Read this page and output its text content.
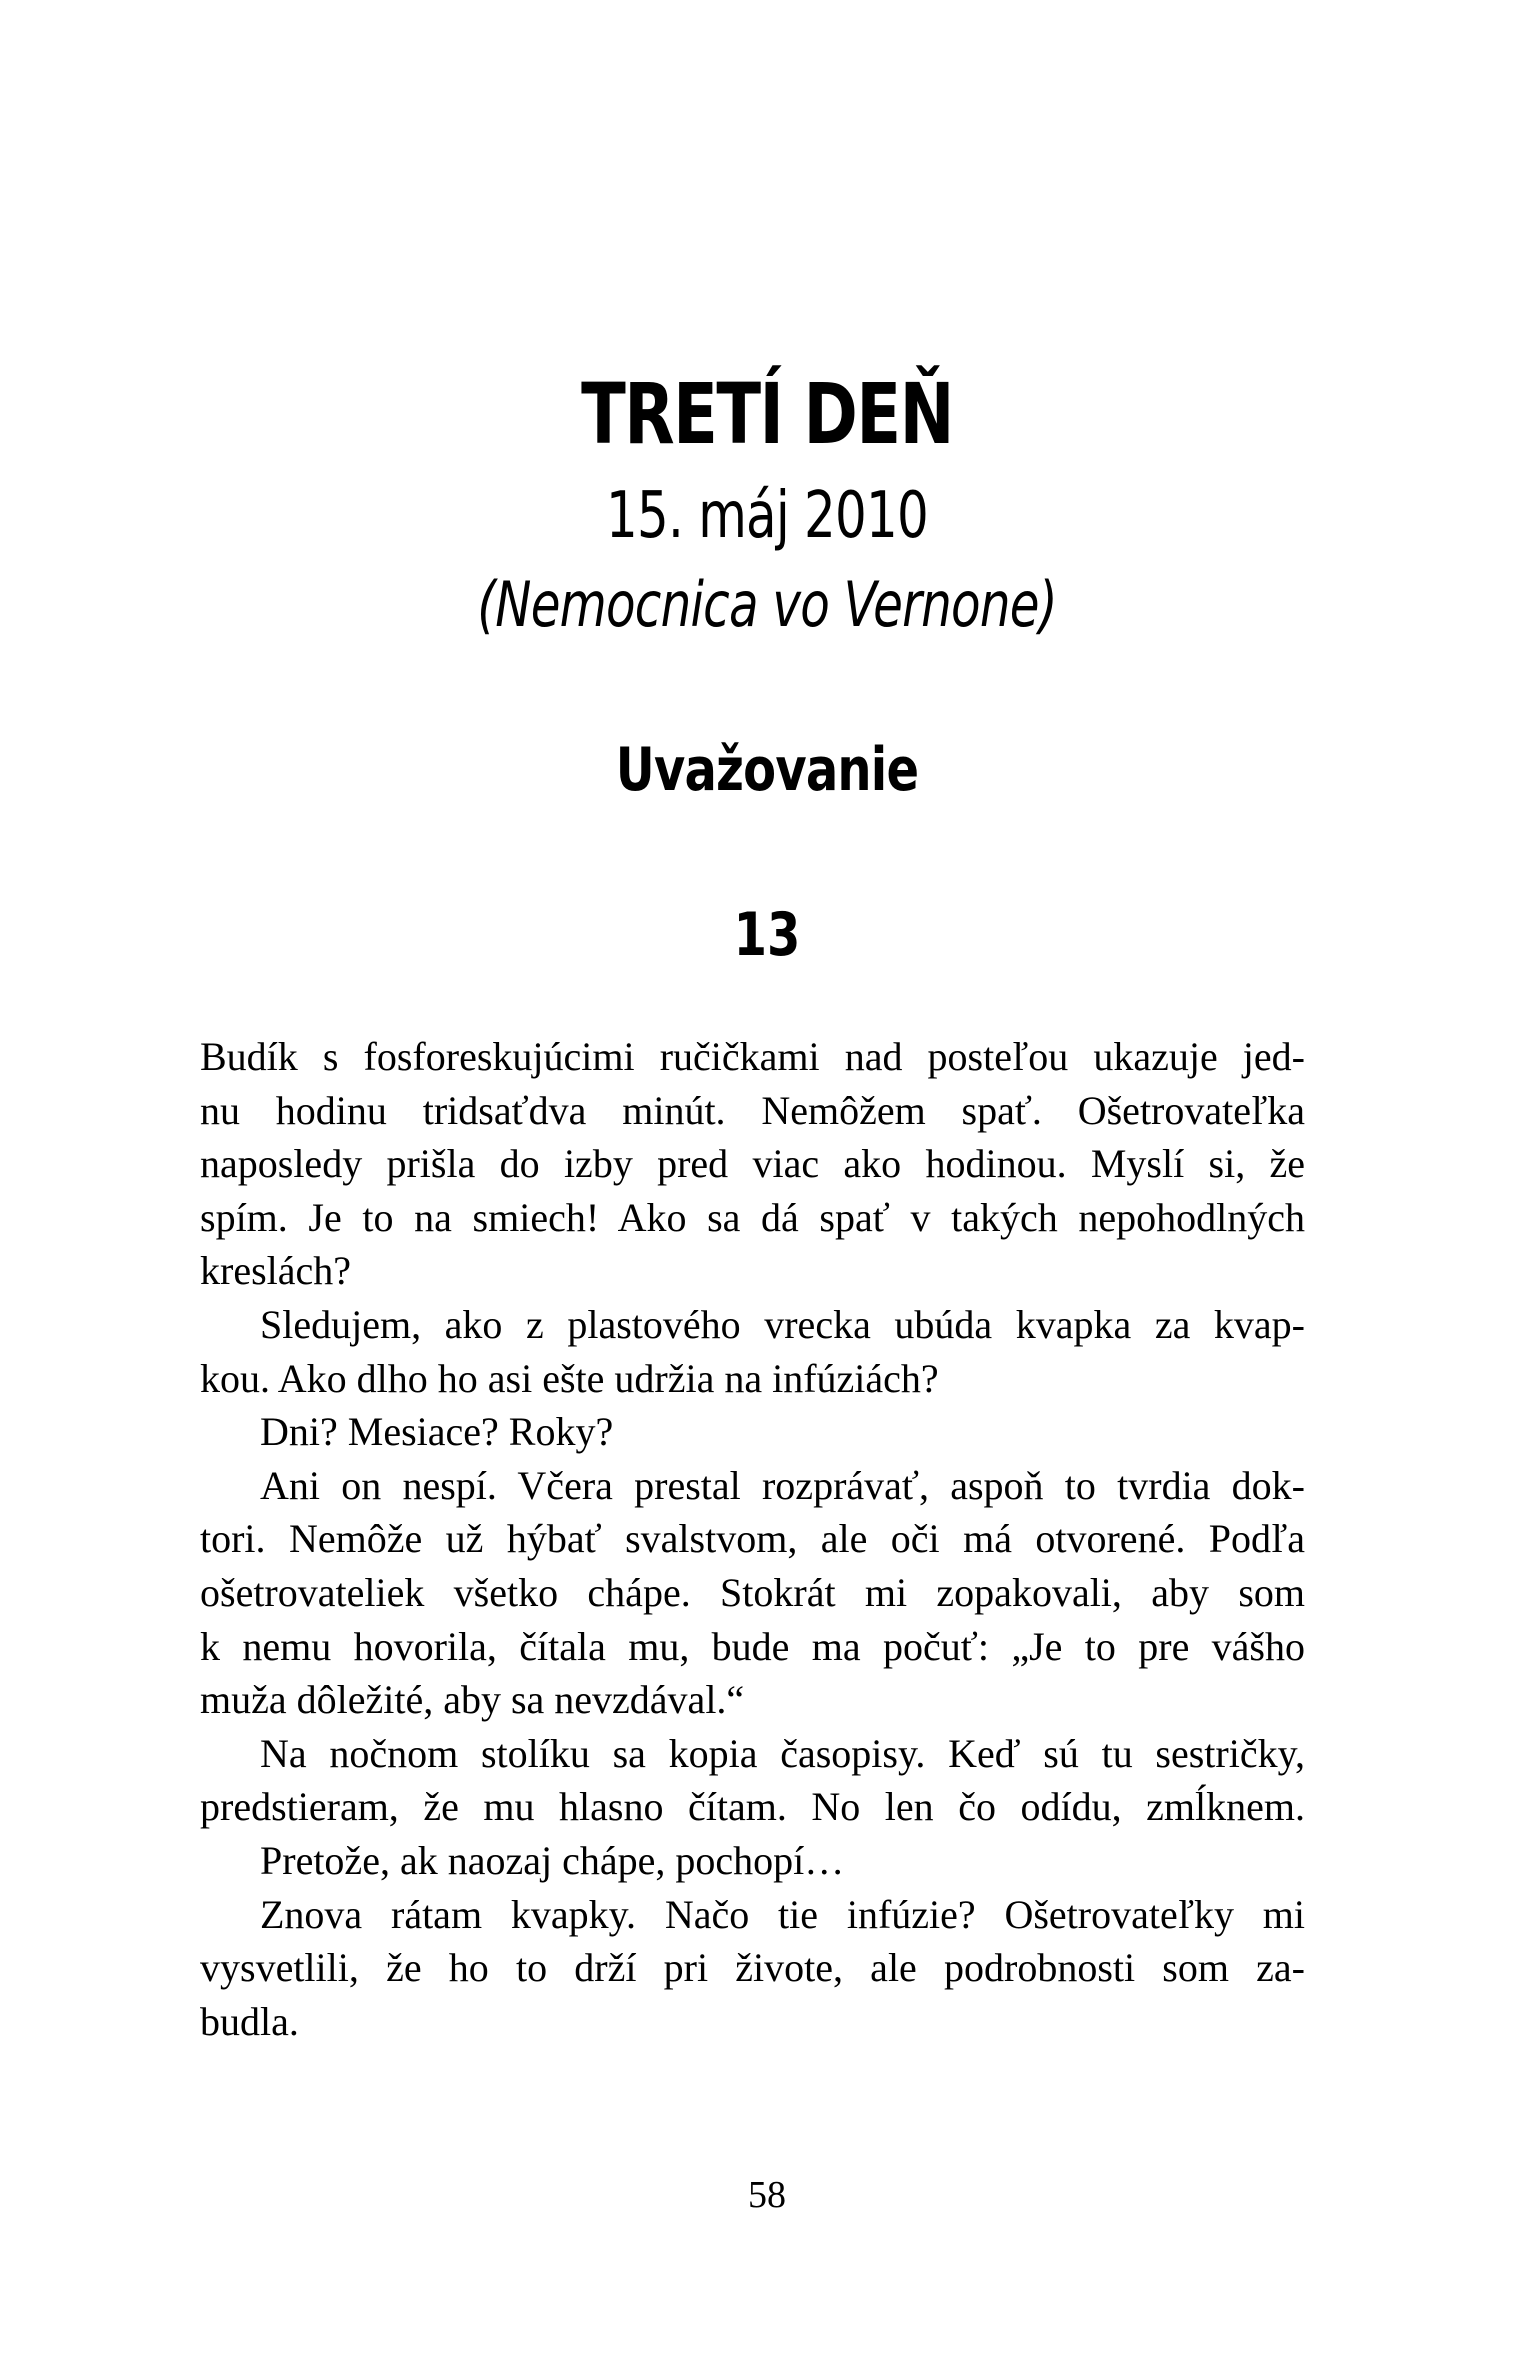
TRETÍ DEŇ
15. máj 2010
(Nemocnica vo Vernone)
Uvažovanie
13
Budík s fosforeskujúcimi ručičkami nad posteľou ukazuje jed-
nu hodinu tridsaťdva minút. Nemôžem spať. Ošetrovateľka
naposledy prišla do izby pred viac ako hodinou. Myslí si, že
spím. Je to na smiech! Ako sa dá spať v takých nepohodlných
kreslách?
Sledujem, ako z plastového vrecka ubúda kvapka za kvap-
kou. Ako dlho ho asi ešte udržia na infúziách?
Dni? Mesiace? Roky?
Ani on nespí. Včera prestal rozprávať, aspoň to tvrdia dok-
tori. Nemôže už hýbať svalstvom, ale oči má otvorené. Podľa
ošetrovateliek všetko chápe. Stokrát mi zopakovali, aby som
k nemu hovorila, čítala mu, bude ma počuť: „Je to pre vášho
muža dôležité, aby sa nevzdával.“
Na nočnom stolíku sa kopia časopisy. Keď sú tu sestričky,
predstieram, že mu hlasno čítam. No len čo odídu, zmĺknem.
Pretože, ak naozaj chápe, pochopí…
Znova rátam kvapky. Načo tie infúzie? Ošetrovateľky mi
vysvetlili, že ho to drží pri živote, ale podrobnosti som za-
budla.
58
